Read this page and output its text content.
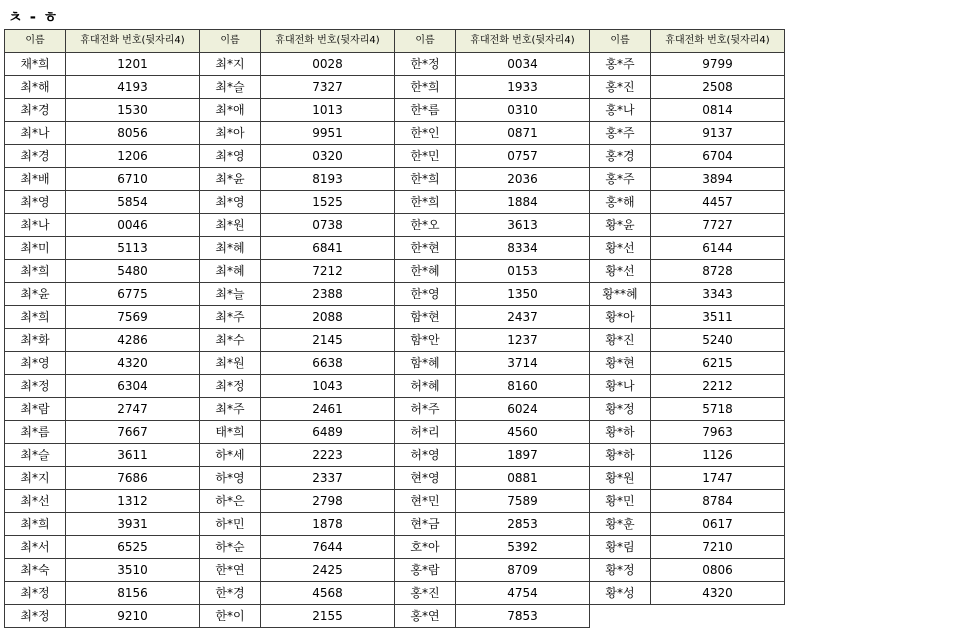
ㅊ - ㅎ
이름	휴대전화 번호(뒷자리4)	이름	휴대전화 번호(뒷자리4)	이름	휴대전화 번호(뒷자리4)	이름	휴대전화 번호(뒷자리4)
채*희	1201	최*지	0028	한*정	0034	홍*주	9799
최*해	4193	최*슬	7327	한*희	1933	홍*진	2508
최*경	1530	최*애	1013	한*름	0310	홍*나	0814
최*나	8056	최*아	9951	한*인	0871	홍*주	9137
최*경	1206	최*영	0320	한*민	0757	홍*경	6704
최*배	6710	최*윤	8193	한*희	2036	홍*주	3894
최*영	5854	최*영	1525	한*희	1884	홍*해	4457
최*나	0046	최*원	0738	한*오	3613	황*윤	7727
최*미	5113	최*혜	6841	한*현	8334	황*선	6144
최*희	5480	최*혜	7212	한*혜	0153	황*선	8728
최*윤	6775	최*늘	2388	한*영	1350	황**혜	3343
최*희	7569	최*주	2088	함*현	2437	황*아	3511
최*화	4286	최*수	2145	함*안	1237	황*진	5240
최*영	4320	최*원	6638	함*혜	3714	황*현	6215
최*정	6304	최*정	1043	허*혜	8160	황*나	2212
최*람	2747	최*주	2461	허*주	6024	황*정	5718
최*름	7667	태*희	6489	허*리	4560	황*하	7963
최*슬	3611	하*세	2223	허*영	1897	황*하	1126
최*지	7686	하*영	2337	현*영	0881	황*원	1747
최*선	1312	하*은	2798	현*민	7589	황*민	8784
최*희	3931	하*민	1878	현*금	2853	황*훈	0617
최*서	6525	하*순	7644	호*아	5392	황*림	7210
최*숙	3510	한*연	2425	홍*람	8709	황*정	0806
최*정	8156	한*경	4568	홍*진	4754	황*성	4320
최*정	9210	한*이	2155	홍*연	7853		
